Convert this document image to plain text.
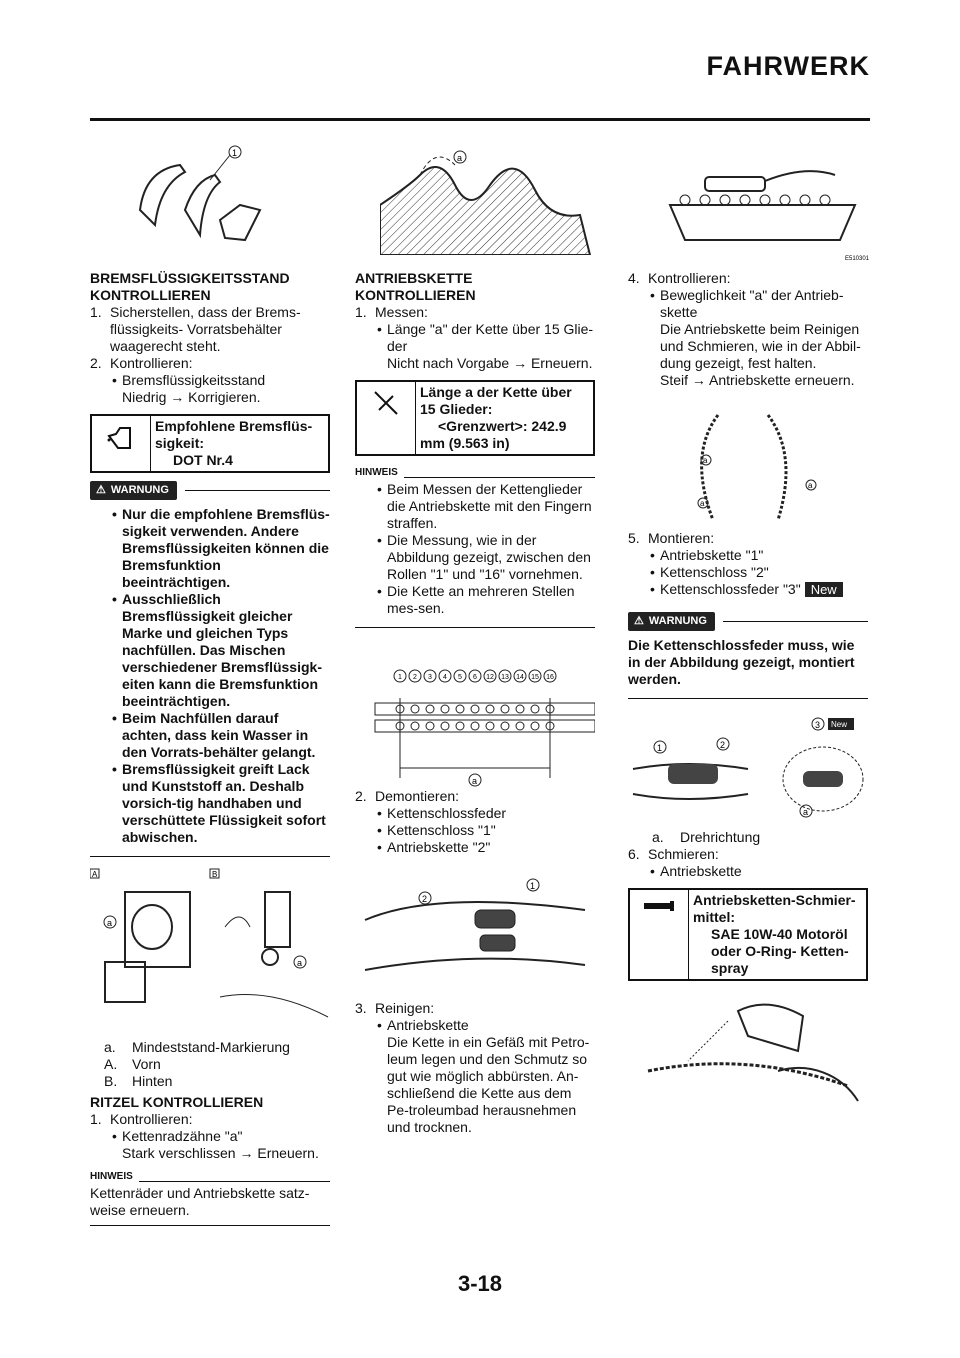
FAHRWERK
1	a
E510301
BREMSFLÜSSIGKEITSSTAND KONTROLLIEREN
1. Sicherstellen, dass der Brems-flüssigkeits- Vorratsbehälter waagerecht steht.
2. Kontrollieren:
• Bremsflüssigkeitsstand
Niedrig → Korrigieren.
Empfohlene Bremsflüs-sigkeit:
DOT Nr.4
⚠ WARNUNG
• Nur die empfohlene Bremsflüs-sigkeit verwenden. Andere Bremsflüssigkeiten können die Bremsfunktion beeinträchtigen.
• Ausschließlich Bremsflüssigkeit gleicher Marke und gleichen Typs nachfüllen. Das Mischen verschiedener Bremsflüssigk-eiten kann die Bremsfunktion beeinträchtigen.
• Beim Nachfüllen darauf achten, dass kein Wasser in den Vorrats-behälter gelangt.
• Bremsflüssigkeit greift Lack und Kunststoff an. Deshalb vorsich-tig handhaben und verschüttete Flüssigkeit sofort abwischen.
A	B
a
a
a.	Mindeststand-Markierung
A.	Vorn
B.	Hinten
RITZEL KONTROLLIEREN
1. Kontrollieren:
• Kettenradzähne "a"
Stark verschlissen → Erneuern.
HINWEIS
Kettenräder und Antriebskette satz-weise erneuern.
ANTRIEBSKETTE KONTROLLIEREN
1. Messen:
• Länge "a" der Kette über 15 Glie-der
Nicht nach Vorgabe → Erneuern.
Länge a der Kette über 15 Glieder:
<Grenzwert>: 242.9
mm (9.563 in)
HINWEIS
• Beim Messen der Kettenglieder die Antriebskette mit den Fingern straffen.
• Die Messung, wie in der Abbildung gezeigt, zwischen den Rollen "1" und "16" vornehmen.
• Die Kette an mehreren Stellen mes-sen.
1 2 3 4 5 6 12 13 14 15 16
a
2. Demontieren:
• Kettenschlossfeder
• Kettenschloss "1"
• Antriebskette "2"
2
1
3. Reinigen:
• Antriebskette
Die Kette in ein Gefäß mit Petro-leum legen und den Schmutz so gut wie möglich abbürsten. An-schließend die Kette aus dem Pe-troleumbad herausnehmen und trocknen.
4. Kontrollieren:
• Beweglichkeit "a" der Antrieb-skette
Die Antriebskette beim Reinigen und Schmieren, wie in der Abbil-dung gezeigt, fest halten.
Steif → Antriebskette erneuern.
a
a
a
5. Montieren:
• Antriebskette "1"
• Kettenschloss "2"
• Kettenschlossfeder "3" New
⚠ WARNUNG
Die Kettenschlossfeder muss, wie in der Abbildung gezeigt, montiert werden.
1	2
3 New
a
a.	Drehrichtung
6. Schmieren:
• Antriebskette
Antriebsketten-Schmier-mittel:
SAE 10W-40 Motoröl oder O-Ring- Ketten-spray
3-18
